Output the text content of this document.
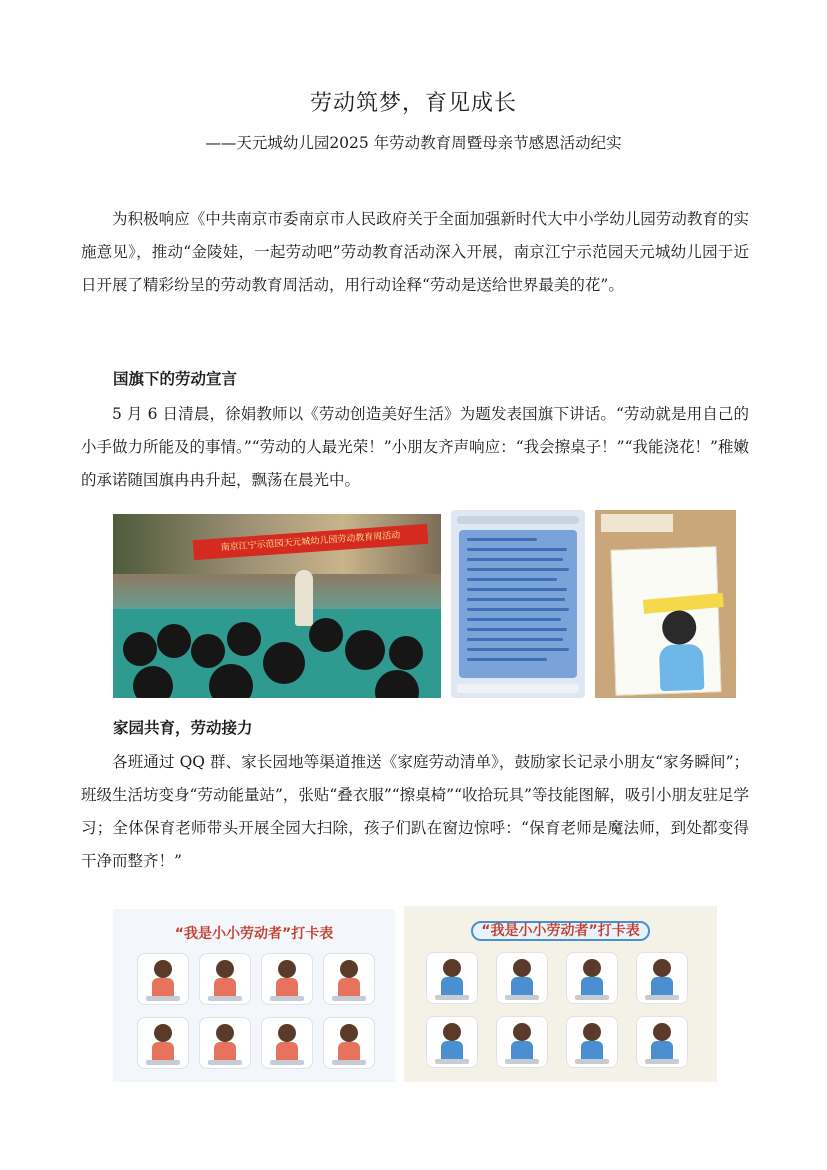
劳动筑梦，育见成长
——天元城幼儿园2025 年劳动教育周暨母亲节感恩活动纪实

为积极响应《中共南京市委南京市人民政府关于全面加强新时代大中小学幼儿园劳动教育的实施意见》，推动“金陵娃，一起劳动吧”劳动教育活动深入开展，南京江宁示范园天元城幼儿园于近日开展了精彩纷呈的劳动教育周活动，用行动诠释“劳动是送给世界最美的花”。

国旗下的劳动宣言

5 月 6 日清晨，徐娟教师以《劳动创造美好生活》为题发表国旗下讲话。“劳动就是用自己的小手做力所能及的事情。”“劳动的人最光荣！”小朋友齐声响应：“我会擦桌子！”“我能浇花！”稚嫩的承诺随国旗冉冉升起，飘荡在晨光中。

南京江宁示范园天元城幼儿园劳动教育周活动

家园共育，劳动接力

各班通过 QQ 群、家长园地等渠道推送《家庭劳动清单》，鼓励家长记录小朋友“家务瞬间”；班级生活坊变身“劳动能量站”，张贴“叠衣服”“擦桌椅”“收拾玩具”等技能图解，吸引小朋友驻足学习；全体保育老师带头开展全园大扫除，孩子们趴在窗边惊呼：“保育老师是魔法师，到处都变得干净而整齐！”

“我是小小劳动者”打卡表	“我是小小劳动者”打卡表
